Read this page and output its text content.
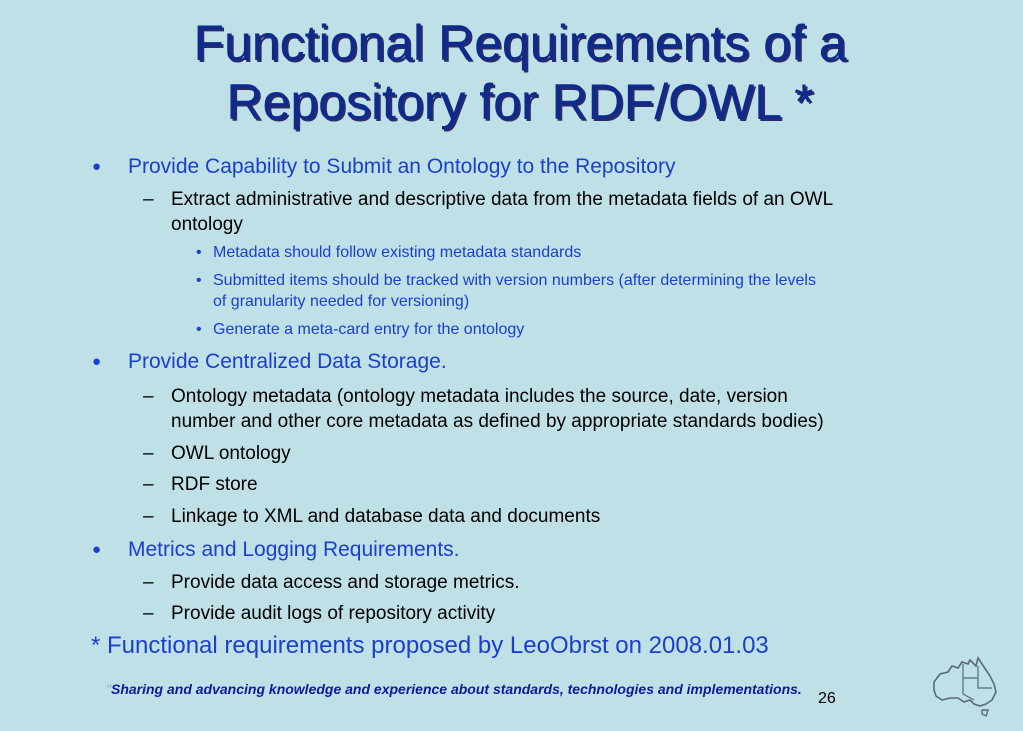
Functional Requirements of a
Repository for RDF/OWL *
● Provide Capability to Submit an Ontology to the Repository
– Extract administrative and descriptive data from the metadata fields of an OWL
ontology
• Metadata should follow existing metadata standards
• Submitted items should be tracked with version numbers (after determining the levels
of granularity needed for versioning)
• Generate a meta-card entry for the ontology
● Provide Centralized Data Storage.
– Ontology metadata (ontology metadata includes the source, date, version
number and other core metadata as defined by appropriate standards bodies)
– OWL ontology
– RDF store
– Linkage to XML and database data and documents
● Metrics and Logging Requirements.
– Provide data access and storage metrics.
– Provide audit logs of repository activity
* Functional requirements proposed by LeoObrst on 2008.01.03
"Sharing and advancing knowledge and experience about standards, technologies and implementations.
26
